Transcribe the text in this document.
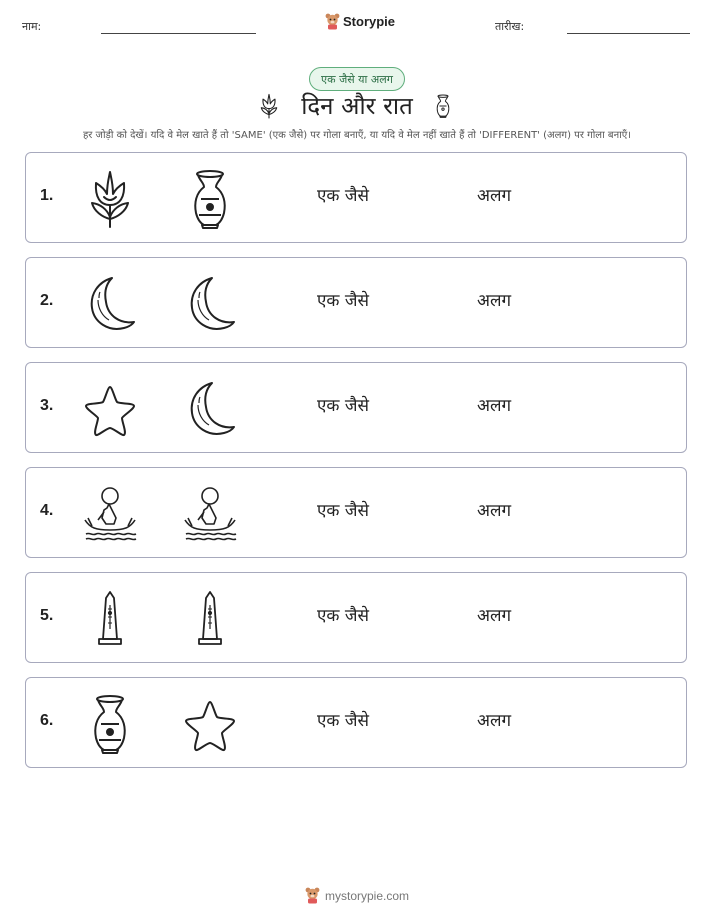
नाम:	Storypie	तारीख:
एक जैसे या अलग
दिन और रात
हर जोड़ी को देखें। यदि वे मेल खाते हैं तो 'SAME' (एक जैसे) पर गोला बनाएँ, या यदि वे मेल नहीं खाते हैं तो 'DIFFERENT' (अलग) पर गोला बनाएँ।
1.	एक जैसे	अलग
2.	एक जैसे	अलग
3.	एक जैसे	अलग
4.	एक जैसे	अलग
5.	एक जैसे	अलग
6.	एक जैसे	अलग
mystorypie.com
